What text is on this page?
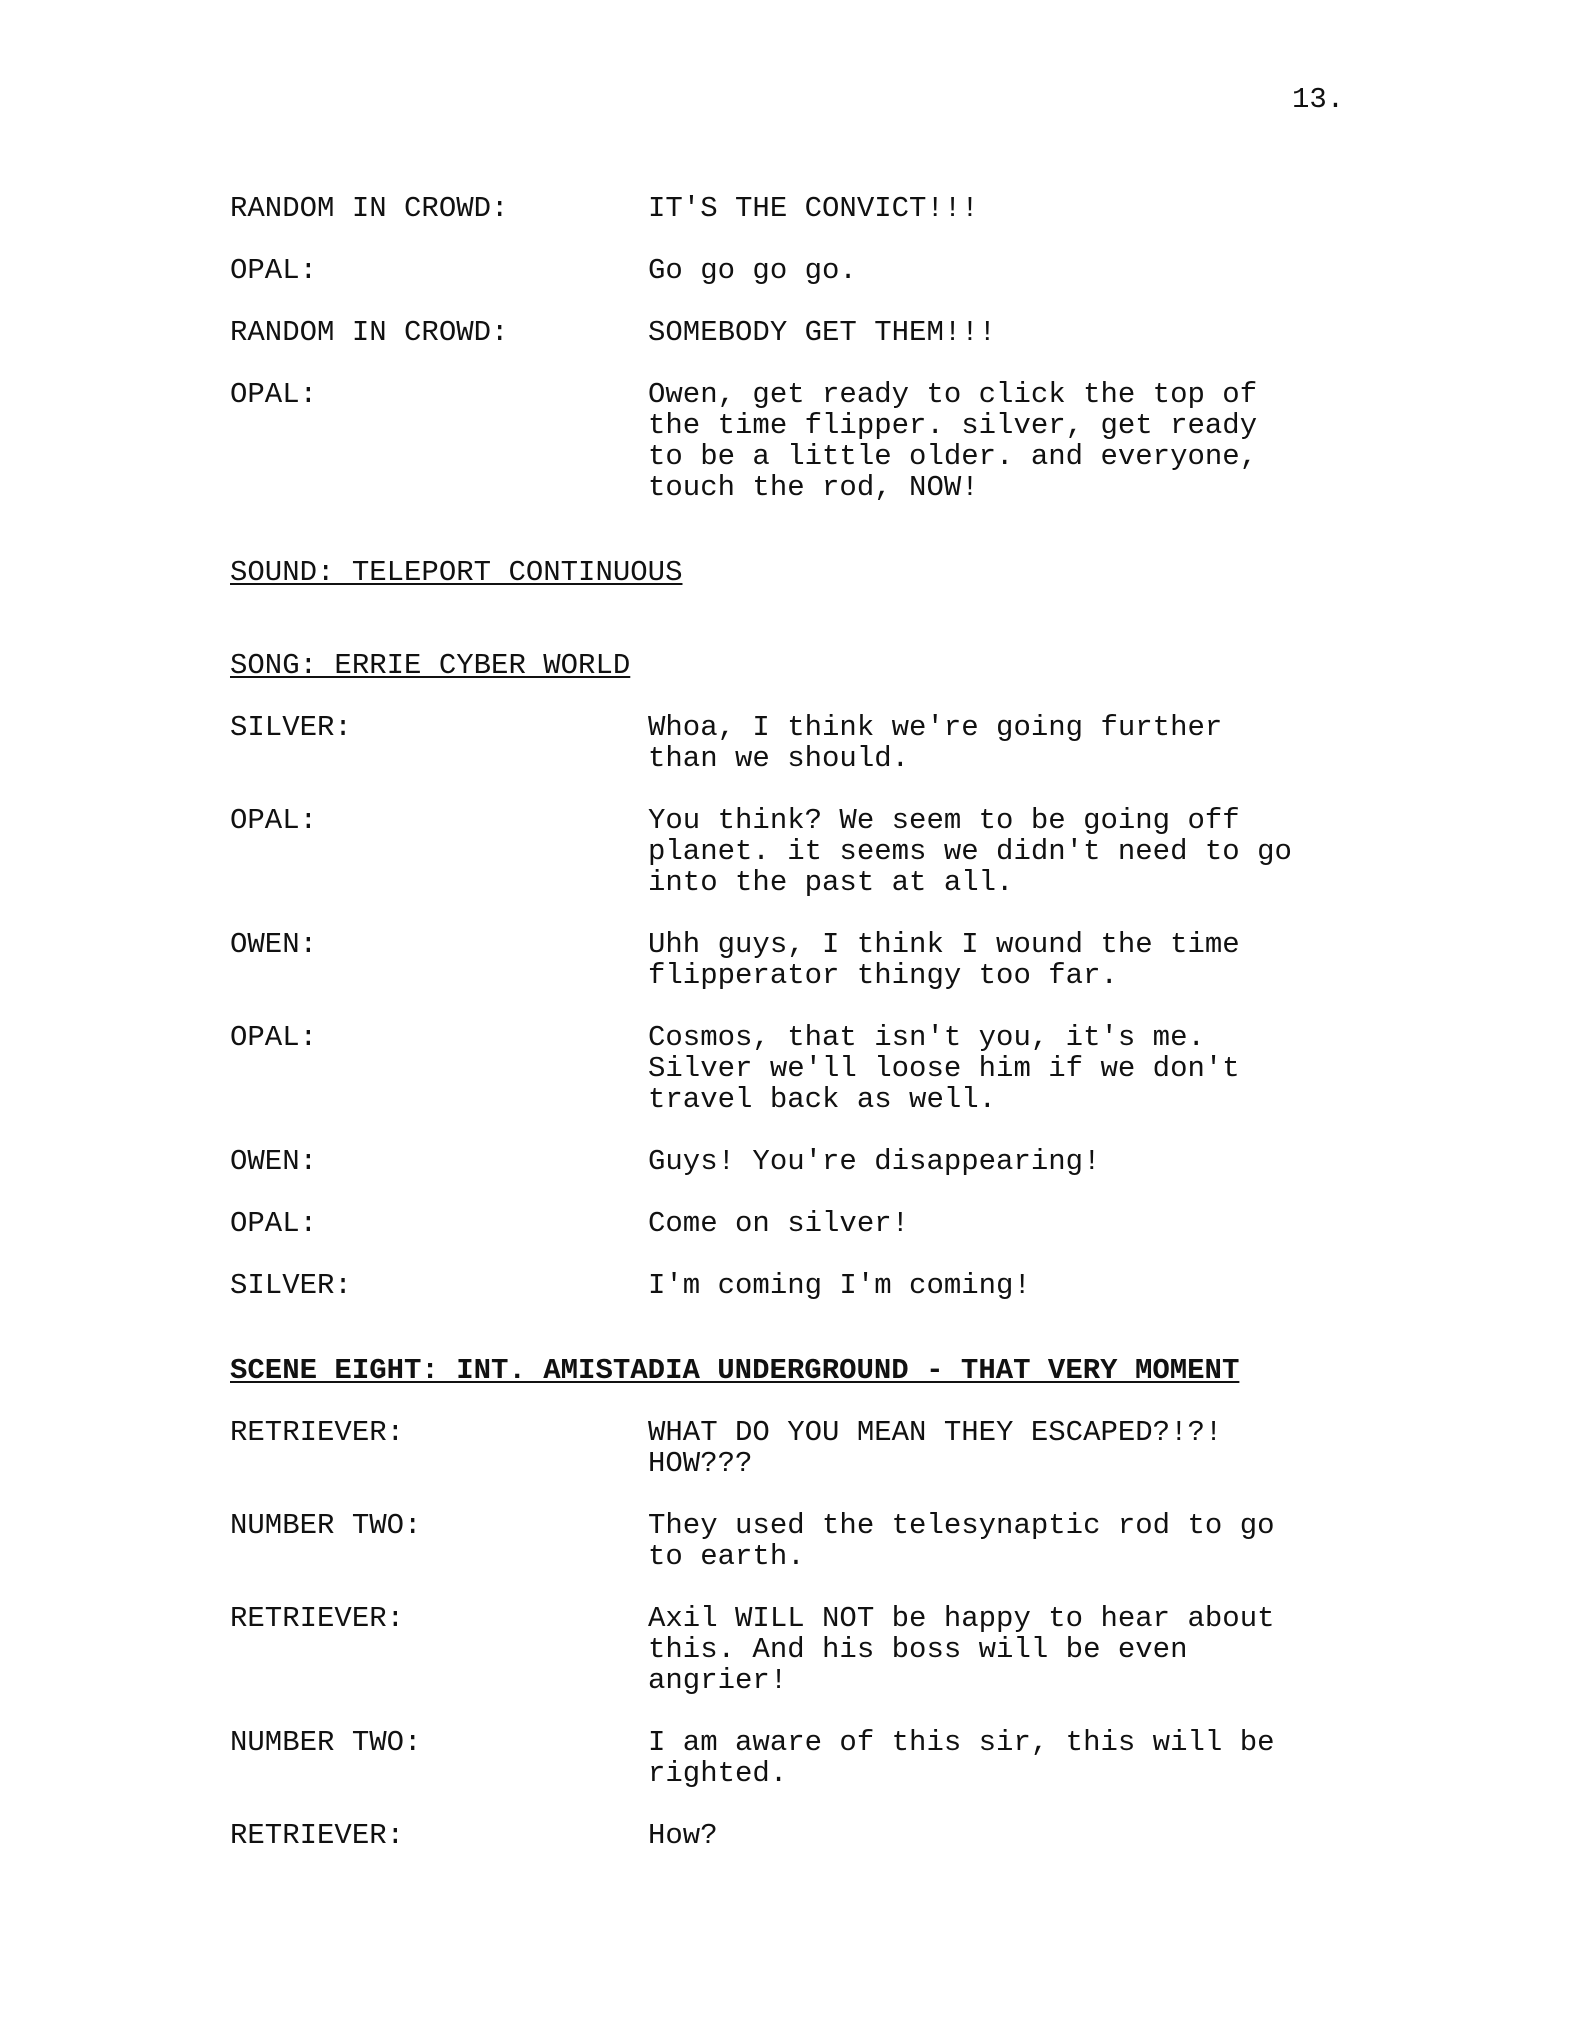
13.
RANDOM IN CROWD:	IT'S THE CONVICT!!!
OPAL:	Go go go go.
RANDOM IN CROWD:	SOMEBODY GET THEM!!!
OPAL:	Owen, get ready to click the top of
the time flipper. silver, get ready
to be a little older. and everyone,
touch the rod, NOW!
SOUND: TELEPORT CONTINUOUS
SONG: ERRIE CYBER WORLD
SILVER:	Whoa, I think we're going further
than we should.
OPAL:	You think? We seem to be going off
planet. it seems we didn't need to go
into the past at all.
OWEN:	Uhh guys, I think I wound the time
flipperator thingy too far.
OPAL:	Cosmos, that isn't you, it's me.
Silver we'll loose him if we don't
travel back as well.
OWEN:	Guys! You're disappearing!
OPAL:	Come on silver!
SILVER:	I'm coming I'm coming!
SCENE EIGHT: INT. AMISTADIA UNDERGROUND - THAT VERY MOMENT
RETRIEVER:	WHAT DO YOU MEAN THEY ESCAPED?!?!
HOW???
NUMBER TWO:	They used the telesynaptic rod to go
to earth.
RETRIEVER:	Axil WILL NOT be happy to hear about
this. And his boss will be even
angrier!
NUMBER TWO:	I am aware of this sir, this will be
righted.
RETRIEVER:	How?
